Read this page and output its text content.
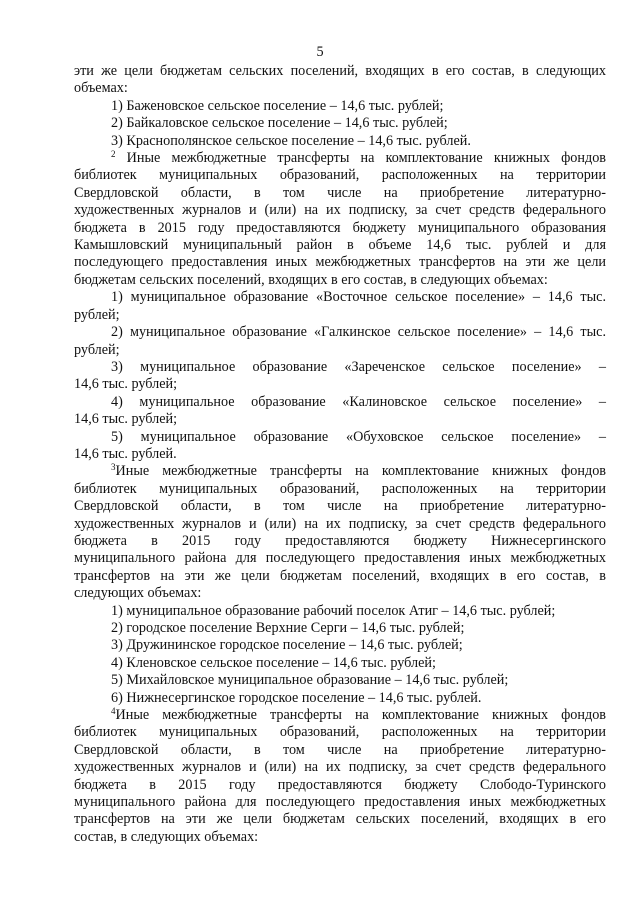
5

эти же цели бюджетам сельских поселений, входящих в его состав, в следующих

объемах:

1) Баженовское сельское поселение – 14,6 тыс. рублей;

2) Байкаловское сельское поселение – 14,6 тыс. рублей;

3) Краснополянское сельское поселение – 14,6 тыс. рублей.

$^2$ Иные межбюджетные трансферты на комплектование книжных фондов

библиотек муниципальных образований, расположенных на территории

Свердловской области, в том числе на приобретение литературно-

художественных журналов и (или) на их подписку, за счет средств федерального

бюджета в 2015 году предоставляются бюджету муниципального образования

Камышловский муниципальный район в объеме 14,6 тыс. рублей и для

последующего предоставления иных межбюджетных трансфертов на эти же цели

бюджетам сельских поселений, входящих в его состав, в следующих объемах:

1) муниципальное образование «Восточное сельское поселение» – 14,6 тыс.

рублей;

2) муниципальное образование «Галкинское сельское поселение» – 14,6 тыс.

рублей;

3) муниципальное образование «Зареченское сельское поселение» –

14,6 тыс. рублей;

4) муниципальное образование «Калиновское сельское поселение» –

14,6 тыс. рублей;

5) муниципальное образование «Обуховское сельское поселение» –

14,6 тыс. рублей.

$^3$Иные межбюджетные трансферты на комплектование книжных фондов

библиотек муниципальных образований, расположенных на территории

Свердловской области, в том числе на приобретение литературно-

художественных журналов и (или) на их подписку, за счет средств федерального

бюджета в 2015 году предоставляются бюджету Нижнесергинского

муниципального района для последующего предоставления иных межбюджетных

трансфертов на эти же цели бюджетам поселений, входящих в его состав, в

следующих объемах:

1) муниципальное образование рабочий поселок Атиг – 14,6 тыс. рублей;

2) городское поселение Верхние Серги – 14,6 тыс. рублей;

3) Дружининское городское поселение – 14,6 тыс. рублей;

4) Кленовское сельское поселение – 14,6 тыс. рублей;

5) Михайловское муниципальное образование – 14,6 тыс. рублей;

6) Нижнесергинское городское поселение – 14,6 тыс. рублей.

$^4$Иные межбюджетные трансферты на комплектование книжных фондов

библиотек муниципальных образований, расположенных на территории

Свердловской области, в том числе на приобретение литературно-

художественных журналов и (или) на их подписку, за счет средств федерального

бюджета в 2015 году предоставляются бюджету Слободо-Туринского

муниципального района для последующего предоставления иных межбюджетных

трансфертов на эти же цели бюджетам сельских поселений, входящих в его

состав, в следующих объемах:
